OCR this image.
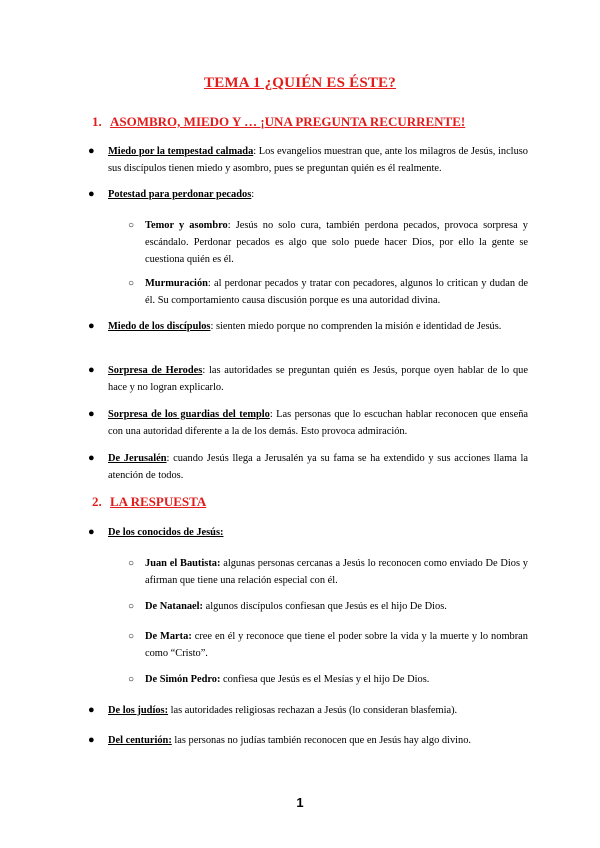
TEMA 1 ¿QUIÉN ES ÉSTE?
1. ASOMBRO, MIEDO Y … ¡UNA PREGUNTA RECURRENTE!
● Miedo por la tempestad calmada: Los evangelios muestran que, ante los milagros de Jesús, incluso sus discípulos tienen miedo y asombro, pues se preguntan quién es él realmente.
● Potestad para perdonar pecados:
○ Temor y asombro: Jesús no solo cura, también perdona pecados, provoca sorpresa y escándalo. Perdonar pecados es algo que solo puede hacer Dios, por ello la gente se cuestiona quién es él.
○ Murmuración: al perdonar pecados y tratar con pecadores, algunos lo critican y dudan de él. Su comportamiento causa discusión porque es una autoridad divina.
● Miedo de los discípulos: sienten miedo porque no comprenden la misión e identidad de Jesús.
● Sorpresa de Herodes: las autoridades se preguntan quién es Jesús, porque oyen hablar de lo que hace y no logran explicarlo.
● Sorpresa de los guardias del templo: Las personas que lo escuchan hablar reconocen que enseña con una autoridad diferente a la de los demás. Esto provoca admiración.
● De Jerusalén: cuando Jesús llega a Jerusalén ya su fama se ha extendido y sus acciones llama la atención de todos.
2. LA RESPUESTA
● De los conocidos de Jesús:
○ Juan el Bautista: algunas personas cercanas a Jesús lo reconocen como enviado De Dios y afirman que tiene una relación especial con él.
○ De Natanael: algunos discípulos confiesan que Jesús es el hijo De Dios.
○ De Marta: cree en él y reconoce que tiene el poder sobre la vida y la muerte y lo nombran como “Cristo”.
○ De Simón Pedro: confiesa que Jesús es el Mesías y el hijo De Dios.
● De los judíos: las autoridades religiosas rechazan a Jesús (lo consideran blasfemia).
● Del centurión: las personas no judías también reconocen que en Jesús hay algo divino.
1
